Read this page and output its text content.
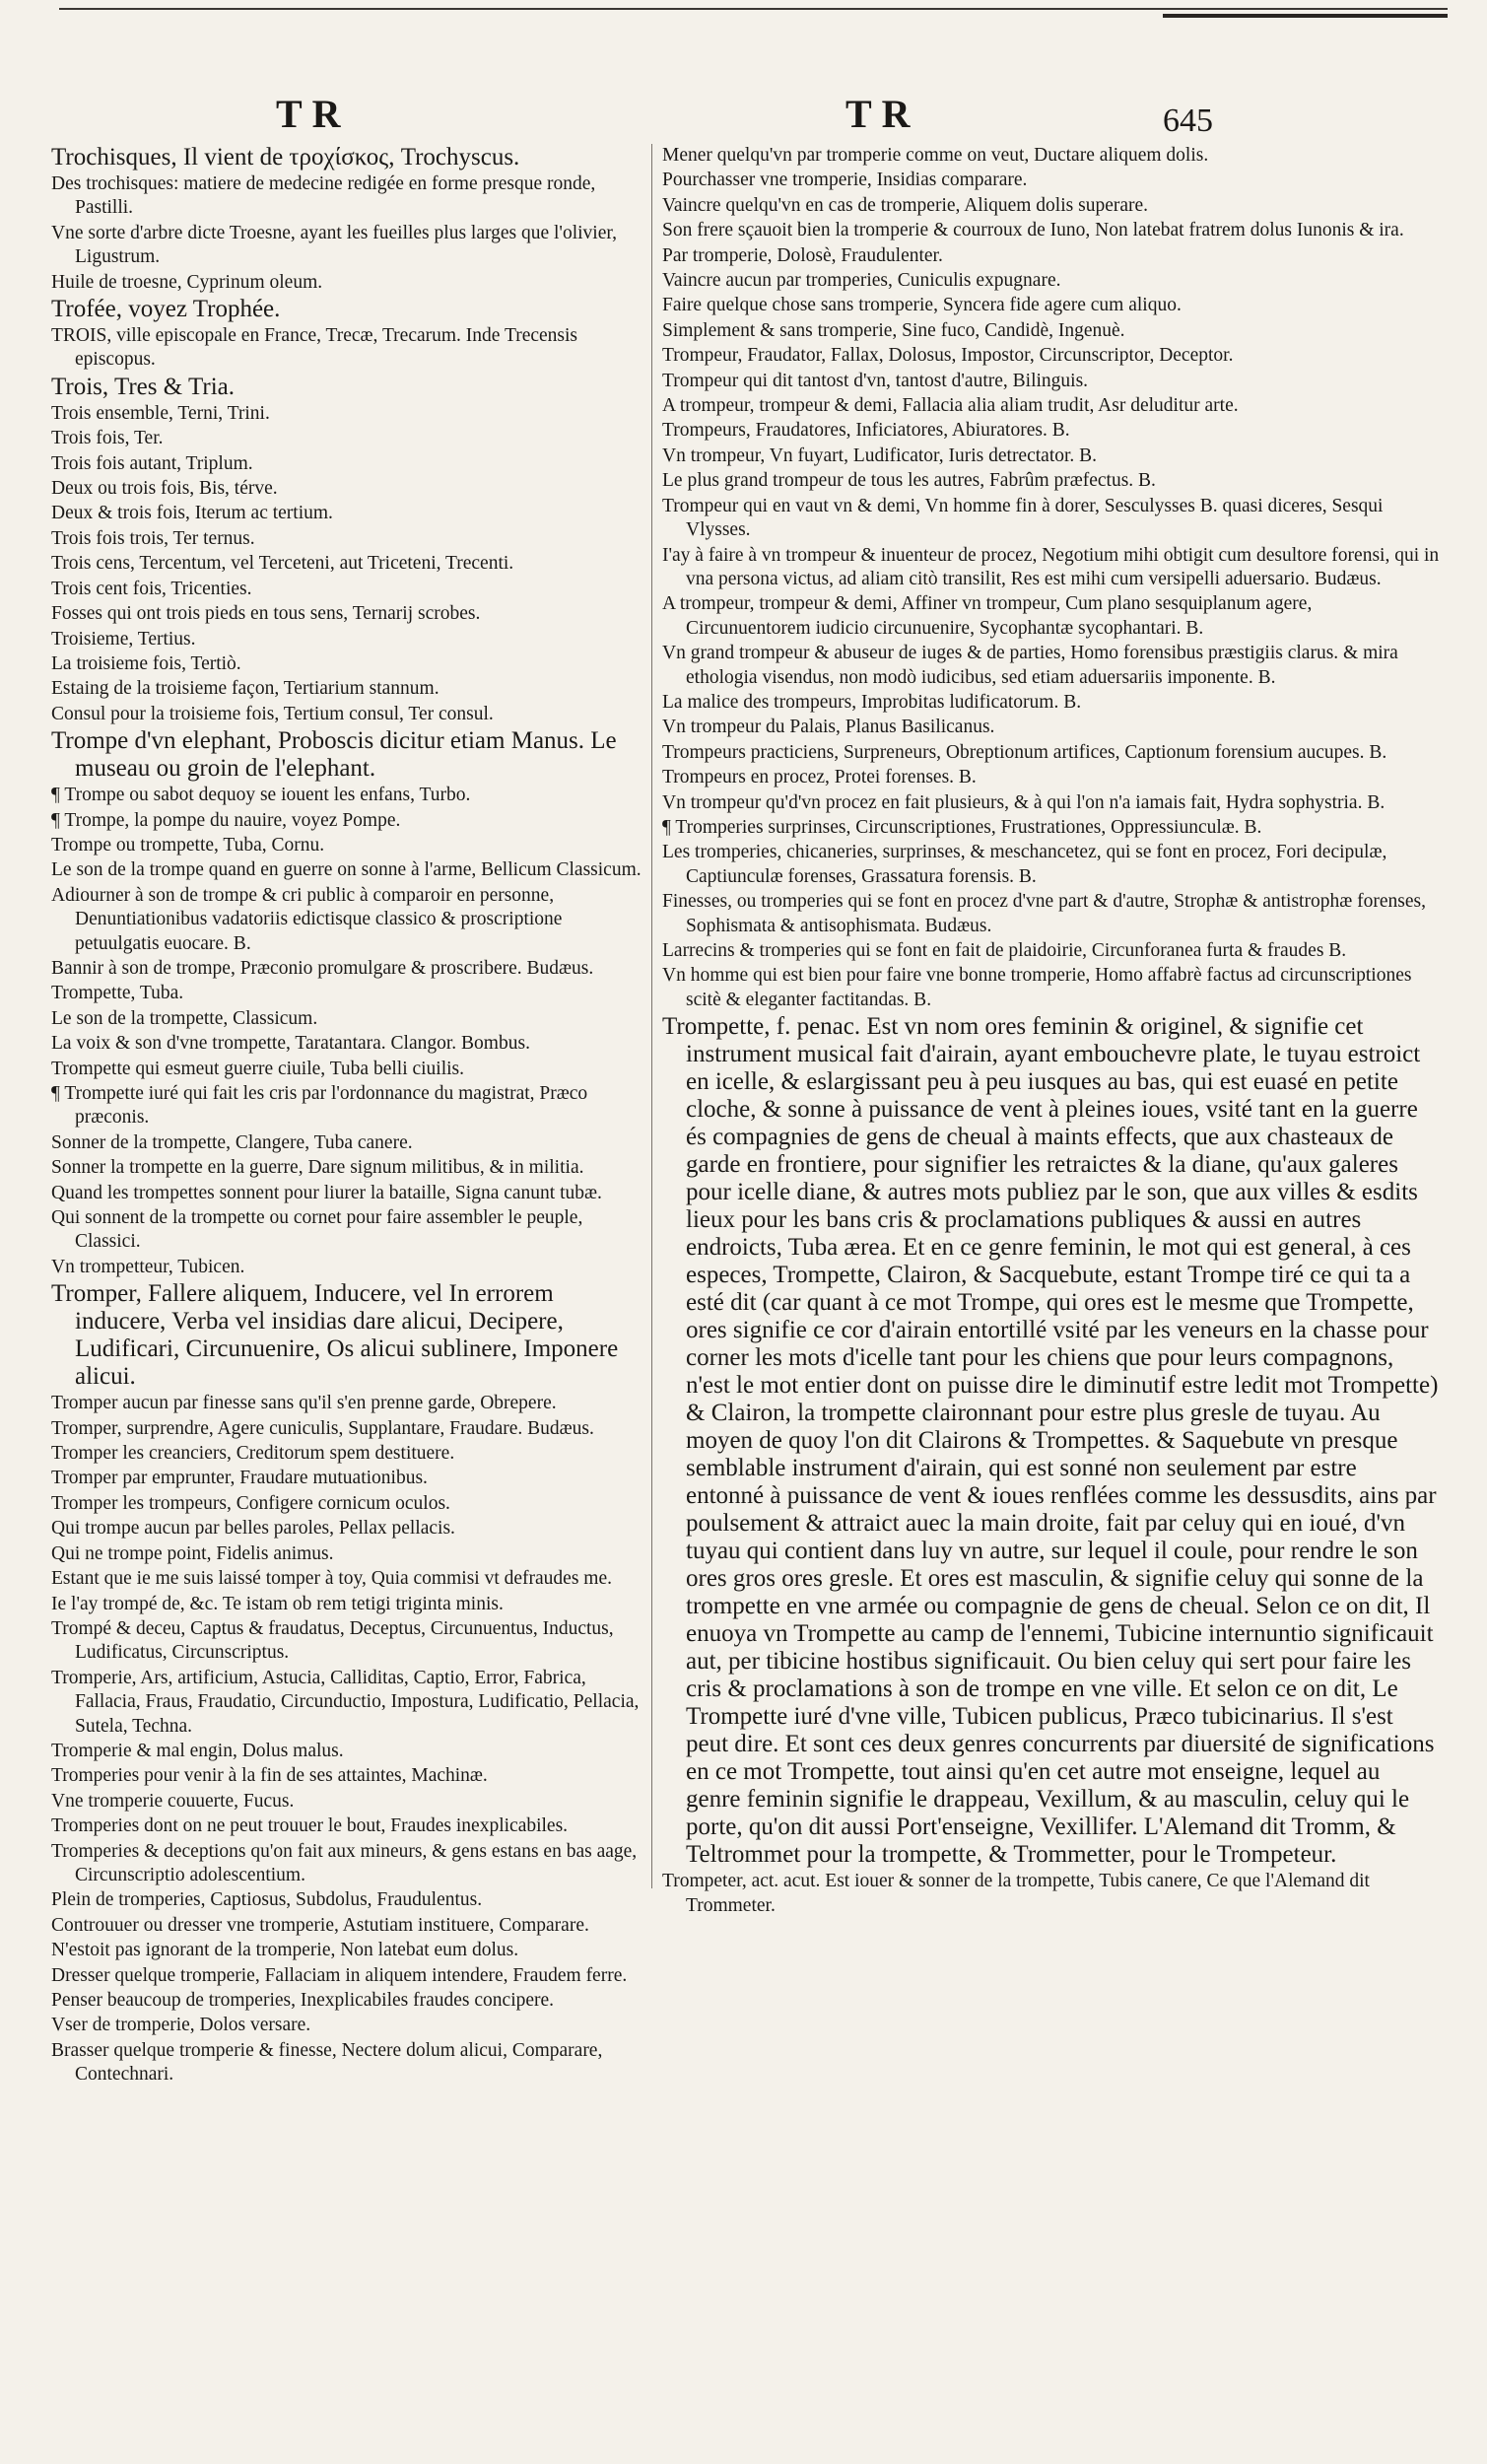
TR	TR	645
Trochisques, Il vient de τροχίσκος, Trochyscus.
Des trochisques: matiere de medecine redigée en forme presque ronde, Pastilli.
Vne sorte d'arbre dicte Troesne, ayant les fueilles plus larges que l'olivier, Ligustrum.
Huile de troesne, Cyprinum oleum.
Trofée, voyez Trophée.
TROIS, ville episcopale en France, Trecæ, Trecarum. Inde Trecensis episcopus.
Trois, Tres & Tria.
Trois ensemble, Terni, Trini.
Trois fois, Ter.
Trois fois autant, Triplum.
Deux ou trois fois, Bis, térve.
Deux & trois fois, Iterum ac tertium.
Trois fois trois, Ter ternus.
Trois cens, Tercentum, vel Terceteni, aut Triceteni, Trecenti.
Trois cent fois, Tricenties.
Fosses qui ont trois pieds en tous sens, Ternarij scrobes.
Troisieme, Tertius.
La troisieme fois, Tertiò.
Estaing de la troisieme façon, Tertiarium stannum.
Consul pour la troisieme fois, Tertium consul, Ter consul.
Trompe d'vn elephant, Proboscis dicitur etiam Manus. Le museau ou groin de l'elephant.
¶ Trompe ou sabot dequoy se iouent les enfans, Turbo.
¶ Trompe, la pompe du nauire, voyez Pompe.
Trompe ou trompette, Tuba, Cornu.
Le son de la trompe quand en guerre on sonne à l'arme, Bellicum Classicum.
Adiourner à son de trompe & cri public à comparoir en personne, Denuntiationibus vadatoriis edictisque classico & proscriptione petuulgatis euocare. B.
Bannir à son de trompe, Præconio promulgare & proscribere. Budæus.
Trompette, Tuba.
Le son de la trompette, Classicum.
La voix & son d'vne trompette, Taratantara. Clangor. Bombus.
Trompette qui esmeut guerre ciuile, Tuba belli ciuilis.
¶ Trompette iuré qui fait les cris par l'ordonnance du magistrat, Præco præconis.
Sonner de la trompette, Clangere, Tuba canere.
Sonner la trompette en la guerre, Dare signum militibus, & in militia.
Quand les trompettes sonnent pour liurer la bataille, Signa canunt tubæ.
Qui sonnent de la trompette ou cornet pour faire assembler le peuple, Classici.
Vn trompetteur, Tubicen.
Tromper, Fallere aliquem, Inducere, vel In errorem inducere, Verba vel insidias dare alicui, Decipere, Ludificari, Circunuenire, Os alicui sublinere, Imponere alicui.
Tromper aucun par finesse sans qu'il s'en prenne garde, Obrepere.
Tromper, surprendre, Agere cuniculis, Supplantare, Fraudare. Budæus.
Tromper les creanciers, Creditorum spem destituere.
Tromper par emprunter, Fraudare mutuationibus.
Tromper les trompeurs, Configere cornicum oculos.
Qui trompe aucun par belles paroles, Pellax pellacis.
Qui ne trompe point, Fidelis animus.
Estant que ie me suis laissé tomper à toy, Quia commisi vt defraudes me.
Ie l'ay trompé de, &c. Te istam ob rem tetigi triginta minis.
Trompé & deceu, Captus & fraudatus, Deceptus, Circunuentus, Inductus, Ludificatus, Circunscriptus.
Tromperie, Ars, artificium, Astucia, Calliditas, Captio, Error, Fabrica, Fallacia, Fraus, Fraudatio, Circunductio, Impostura, Ludificatio, Pellacia, Sutela, Techna.
Tromperie & mal engin, Dolus malus.
Tromperies pour venir à la fin de ses attaintes, Machinæ.
Vne tromperie couuerte, Fucus.
Tromperies dont on ne peut trouuer le bout, Fraudes inexplicabiles.
Tromperies & deceptions qu'on fait aux mineurs, & gens estans en bas aage, Circunscriptio adolescentium.
Plein de tromperies, Captiosus, Subdolus, Fraudulentus.
Controuuer ou dresser vne tromperie, Astutiam instituere, Comparare.
N'estoit pas ignorant de la tromperie, Non latebat eum dolus.
Dresser quelque tromperie, Fallaciam in aliquem intendere, Fraudem ferre.
Penser beaucoup de tromperies, Inexplicabiles fraudes concipere.
Vser de tromperie, Dolos versare.
Brasser quelque tromperie & finesse, Nectere dolum alicui, Comparare, Contechnari.
Mener quelqu'vn par tromperie comme on veut, Ductare aliquem dolis.
Pourchasser vne tromperie, Insidias comparare.
Vaincre quelqu'vn en cas de tromperie, Aliquem dolis superare.
Son frere sçauoit bien la tromperie & courroux de Iuno, Non latebat fratrem dolus Iunonis & ira.
Par tromperie, Dolosè, Fraudulenter.
Vaincre aucun par tromperies, Cuniculis expugnare.
Faire quelque chose sans tromperie, Syncera fide agere cum aliquo.
Simplement & sans tromperie, Sine fuco, Candidè, Ingenuè.
Trompeur, Fraudator, Fallax, Dolosus, Impostor, Circunscriptor, Deceptor.
Trompeur qui dit tantost d'vn, tantost d'autre, Bilinguis.
A trompeur, trompeur & demi, Fallacia alia aliam trudit, Asr deluditur arte.
Trompeurs, Fraudatores, Inficiatores, Abiuratores. B.
Vn trompeur, Vn fuyart, Ludificator, Iuris detrectator. B.
Le plus grand trompeur de tous les autres, Fabrûm præfectus. B.
Trompeur qui en vaut vn & demi, Vn homme fin à dorer, Sesculysses B. quasi diceres, Sesqui Vlysses.
I'ay à faire à vn trompeur & inuenteur de procez, Negotium mihi obtigit cum desultore forensi, qui in vna persona victus, ad aliam citò transilit, Res est mihi cum versipelli aduersario. Budæus.
A trompeur, trompeur & demi, Affiner vn trompeur, Cum plano sesquiplanum agere, Circunuentorem iudicio circunuenire, Sycophantæ sycophantari. B.
Vn grand trompeur & abuseur de iuges & de parties, Homo forensibus præstigiis clarus. & mira ethologia visendus, non modò iudicibus, sed etiam aduersariis imponente. B.
La malice des trompeurs, Improbitas ludificatorum. B.
Vn trompeur du Palais, Planus Basilicanus.
Trompeurs practiciens, Surpreneurs, Obreptionum artifices, Captionum forensium aucupes. B.
Trompeurs en procez, Protei forenses. B.
Vn trompeur qu'd'vn procez en fait plusieurs, & à qui l'on n'a iamais fait, Hydra sophystria. B.
¶ Tromperies surprinses, Circunscriptiones, Frustrationes, Oppressiunculæ. B.
Les tromperies, chicaneries, surprinses, & meschancetez, qui se font en procez, Fori decipulæ, Captiunculæ forenses, Grassatura forensis. B.
Finesses, ou tromperies qui se font en procez d'vne part & d'autre, Strophæ & antistrophæ forenses, Sophismata & antisophismata. Budæus.
Larrecins & tromperies qui se font en fait de plaidoirie, Circunforanea furta & fraudes B.
Vn homme qui est bien pour faire vne bonne tromperie, Homo affabrè factus ad circunscriptiones scitè & eleganter factitandas. B.
Trompette, f. penac. Est vn nom ores feminin & originel, & signifie cet instrument musical fait d'airain, ayant embouchevre plate, le tuyau estroict en icelle, & eslargissant peu à peu iusques au bas, qui est euasé en petite cloche, & sonne à puissance de vent à pleines ioues, vsité tant en la guerre és compagnies de gens de cheual à maints effects, que aux chasteaux de garde en frontiere, pour signifier les retraictes & la diane, qu'aux galeres pour icelle diane, & autres mots publiez par le son, que aux villes & esdits lieux pour les bans cris & proclamations publiques & aussi en autres endroicts, Tuba ærea. Et en ce genre feminin, le mot qui est general, à ces especes, Trompette, Clairon, & Sacquebute, estant Trompe tiré ce qui ta a esté dit (car quant à ce mot Trompe, qui ores est le mesme que Trompette, ores signifie ce cor d'airain entortillé vsité par les veneurs en la chasse pour corner les mots d'icelle tant pour les chiens que pour leurs compagnons, n'est le mot entier dont on puisse dire le diminutif estre ledit mot Trompette) & Clairon, la trompette claironnant pour estre plus gresle de tuyau. Au moyen de quoy l'on dit Clairons & Trompettes. & Saquebute vn presque semblable instrument d'airain, qui est sonné non seulement par estre entonné à puissance de vent & ioues renflées comme les dessusdits, ains par poulsement & attraict auec la main droite, fait par celuy qui en ioué, d'vn tuyau qui contient dans luy vn autre, sur lequel il coule, pour rendre le son ores gros ores gresle. Et ores est masculin, & signifie celuy qui sonne de la trompette en vne armée ou compagnie de gens de cheual. Selon ce on dit, Il enuoya vn Trompette au camp de l'ennemi, Tubicine internuntio significauit aut, per tibicine hostibus significauit. Ou bien celuy qui sert pour faire les cris & proclamations à son de trompe en vne ville. Et selon ce on dit, Le Trompette iuré d'vne ville, Tubicen publicus, Præco tubicinarius. Il s'est peut dire. Et sont ces deux genres concurrents par diuersité de significations en ce mot Trompette, tout ainsi qu'en cet autre mot enseigne, lequel au genre feminin signifie le drappeau, Vexillum, & au masculin, celuy qui le porte, qu'on dit aussi Port'enseigne, Vexillifer. L'Alemand dit Tromm, & Teltrommet pour la trompette, & Trommetter, pour le Trompeteur.
Trompeter, act. acut. Est iouer & sonner de la trompette, Tubis canere, Ce que l'Alemand dit Trommeter.
